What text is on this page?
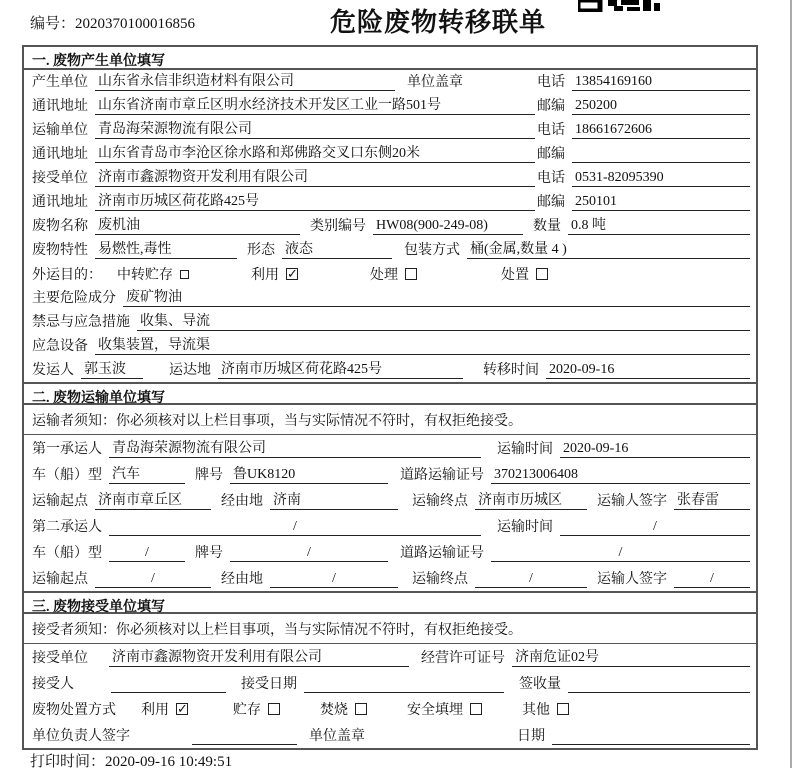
编号：2020370100016856	危险废物转移联单
一. 废物产生单位填写
产生单位 山东省永信非织造材料有限公司	单位盖章	电话 13854169160
通讯地址 山东省济南市章丘区明水经济技术开发区工业一路501号	邮编 250200
运输单位 青岛海荣源物流有限公司	电话 18661672606
通讯地址 山东省青岛市李沧区徐水路和郑佛路交叉口东侧20米	邮编
接受单位 济南市鑫源物资开发利用有限公司	电话 0531-82095390
通讯地址 济南市历城区荷花路425号	邮编 250101
废物名称 废机油	类别编号 HW08(900-249-08)	数量 0.8 吨
废物特性 易燃性,毒性	形态 液态	包装方式 桶(金属,数量 4 )
外运目的： 中转贮存	利用 ✓	处理	处置
主要危险成分 废矿物油
禁忌与应急措施 收集、导流
应急设备 收集装置，导流渠
发运人 郭玉波	运达地 济南市历城区荷花路425号	转移时间 2020-09-16
二. 废物运输单位填写
运输者须知：你必须核对以上栏目事项，当与实际情况不符时，有权拒绝接受。
第一承运人 青岛海荣源物流有限公司	运输时间 2020-09-16
车（船）型 汽车	牌号 鲁UK8120	道路运输证号 370213006408
运输起点 济南市章丘区	经由地 济南	运输终点 济南市历城区	运输人签字 张春雷
第二承运人	/	运输时间	/
车（船）型	/	牌号	/	道路运输证号	/
运输起点	/	经由地	/	运输终点	/	运输人签字	/
三. 废物接受单位填写
接受者须知：你必须核对以上栏目事项，当与实际情况不符时，有权拒绝接受。
接受单位 济南市鑫源物资开发利用有限公司	经营许可证号 济南危证02号
接受人	接受日期	签收量
废物处置方式 利用 ✓	贮存	焚烧	安全填埋	其他
单位负责人签字	单位盖章	日期
打印时间：2020-09-16 10:49:51
